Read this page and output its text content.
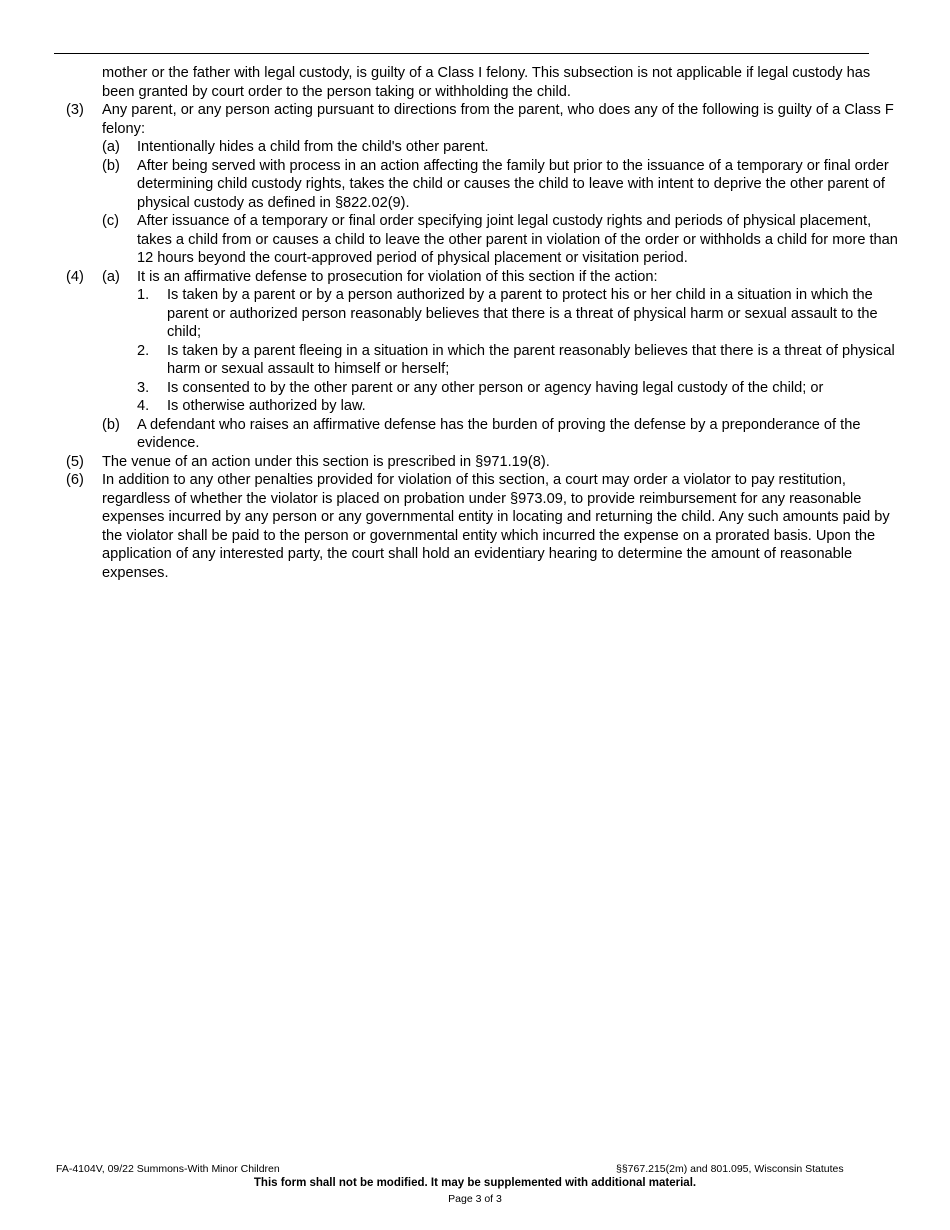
mother or the father with legal custody, is guilty of a Class I felony. This subsection is not applicable if legal custody has been granted by court order to the person taking or withholding the child.
(3)	Any parent, or any person acting pursuant to directions from the parent, who does any of the following is guilty of a Class F felony:
(a)	Intentionally hides a child from the child's other parent.
(b)	After being served with process in an action affecting the family but prior to the issuance of a temporary or final order determining child custody rights, takes the child or causes the child to leave with intent to deprive the other parent of physical custody as defined in §822.02(9).
(c)	After issuance of a temporary or final order specifying joint legal custody rights and periods of physical placement, takes a child from or causes a child to leave the other parent in violation of the order or withholds a child for more than 12 hours beyond the court-approved period of physical placement or visitation period.
(4) (a)	It is an affirmative defense to prosecution for violation of this section if the action:
1.	Is taken by a parent or by a person authorized by a parent to protect his or her child in a situation in which the parent or authorized person reasonably believes that there is a threat of physical harm or sexual assault to the child;
2.	Is taken by a parent fleeing in a situation in which the parent reasonably believes that there is a threat of physical harm or sexual assault to himself or herself;
3.	Is consented to by the other parent or any other person or agency having legal custody of the child; or
4.	Is otherwise authorized by law.
(b)	A defendant who raises an affirmative defense has the burden of proving the defense by a preponderance of the evidence.
(5)	The venue of an action under this section is prescribed in §971.19(8).
(6)	In addition to any other penalties provided for violation of this section, a court may order a violator to pay restitution, regardless of whether the violator is placed on probation under §973.09, to provide reimbursement for any reasonable expenses incurred by any person or any governmental entity in locating and returning the child. Any such amounts paid by the violator shall be paid to the person or governmental entity which incurred the expense on a prorated basis. Upon the application of any interested party, the court shall hold an evidentiary hearing to determine the amount of reasonable expenses.
FA-4104V, 09/22 Summons-With Minor Children	§§767.215(2m) and 801.095, Wisconsin Statutes
This form shall not be modified. It may be supplemented with additional material.
Page 3 of 3
